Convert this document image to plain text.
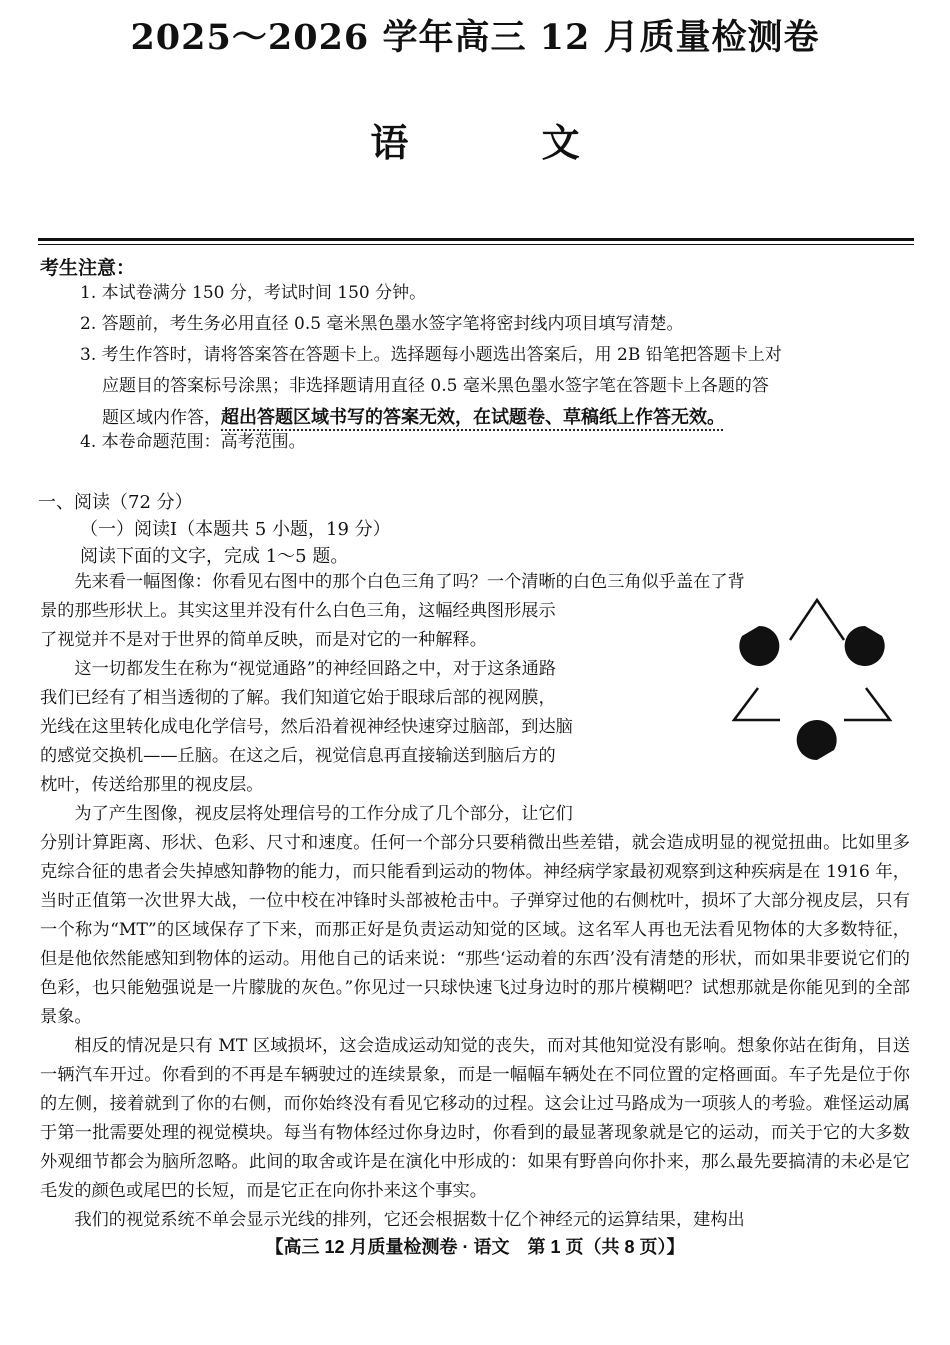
2025～2026 学年高三 12 月质量检测卷
语 文
考生注意：
1. 本试卷满分 150 分，考试时间 150 分钟。
2. 答题前，考生务必用直径 0.5 毫米黑色墨水签字笔将密封线内项目填写清楚。
3. 考生作答时，请将答案答在答题卡上。选择题每小题选出答案后，用 2B 铅笔把答题卡上对
应题目的答案标号涂黑；非选择题请用直径 0.5 毫米黑色墨水签字笔在答题卡上各题的答
题区域内作答，超出答题区域书写的答案无效，在试题卷、草稿纸上作答无效。
4. 本卷命题范围：高考范围。
一、阅读（72 分）
（一）阅读Ⅰ（本题共 5 小题，19 分）
阅读下面的文字，完成 1～5 题。

先来看一幅图像：你看见右图中的那个白色三角了吗？一个清晰的白色三角似乎盖在了背

景的那些形状上。其实这里并没有什么白色三角，这幅经典图形展示

了视觉并不是对于世界的简单反映，而是对它的一种解释。

这一切都发生在称为“视觉通路”的神经回路之中，对于这条通路

我们已经有了相当透彻的了解。我们知道它始于眼球后部的视网膜，

光线在这里转化成电化学信号，然后沿着视神经快速穿过脑部，到达脑

的感觉交换机——丘脑。在这之后，视觉信息再直接输送到脑后方的

枕叶，传送给那里的视皮层。

为了产生图像，视皮层将处理信号的工作分成了几个部分，让它们

分别计算距离、形状、色彩、尺寸和速度。任何一个部分只要稍微出些差错，就会造成明显的视觉扭曲。比如里多克综合征的患者会失掉感知静物的能力，而只能看到运动的物体。神经病学家最初观察到这种疾病是在 1916 年，当时正值第一次世界大战，一位中校在冲锋时头部被枪击中。子弹穿过他的右侧枕叶，损坏了大部分视皮层，只有一个称为“MT”的区域保存了下来，而那正好是负责运动知觉的区域。这名军人再也无法看见物体的大多数特征，但是他依然能感知到物体的运动。用他自己的话来说：“那些‘运动着的东西’没有清楚的形状，而如果非要说它们的色彩，也只能勉强说是一片朦胧的灰色。”你见过一只球快速飞过身边时的那片模糊吧？试想那就是你能见到的全部景象。

相反的情况是只有 MT 区域损坏，这会造成运动知觉的丧失，而对其他知觉没有影响。想象你站在街角，目送一辆汽车开过。你看到的不再是车辆驶过的连续景象，而是一幅幅车辆处在不同位置的定格画面。车子先是位于你的左侧，接着就到了你的右侧，而你始终没有看见它移动的过程。这会让过马路成为一项骇人的考验。难怪运动属于第一批需要处理的视觉模块。每当有物体经过你身边时，你看到的最显著现象就是它的运动，而关于它的大多数外观细节都会为脑所忽略。此间的取舍或许是在演化中形成的：如果有野兽向你扑来，那么最先要搞清的未必是它毛发的颜色或尾巴的长短，而是它正在向你扑来这个事实。

我们的视觉系统不单会显示光线的排列，它还会根据数十亿个神经元的运算结果，建构出

【高三 12 月质量检测卷 · 语文　第 1 页（共 8 页）】
